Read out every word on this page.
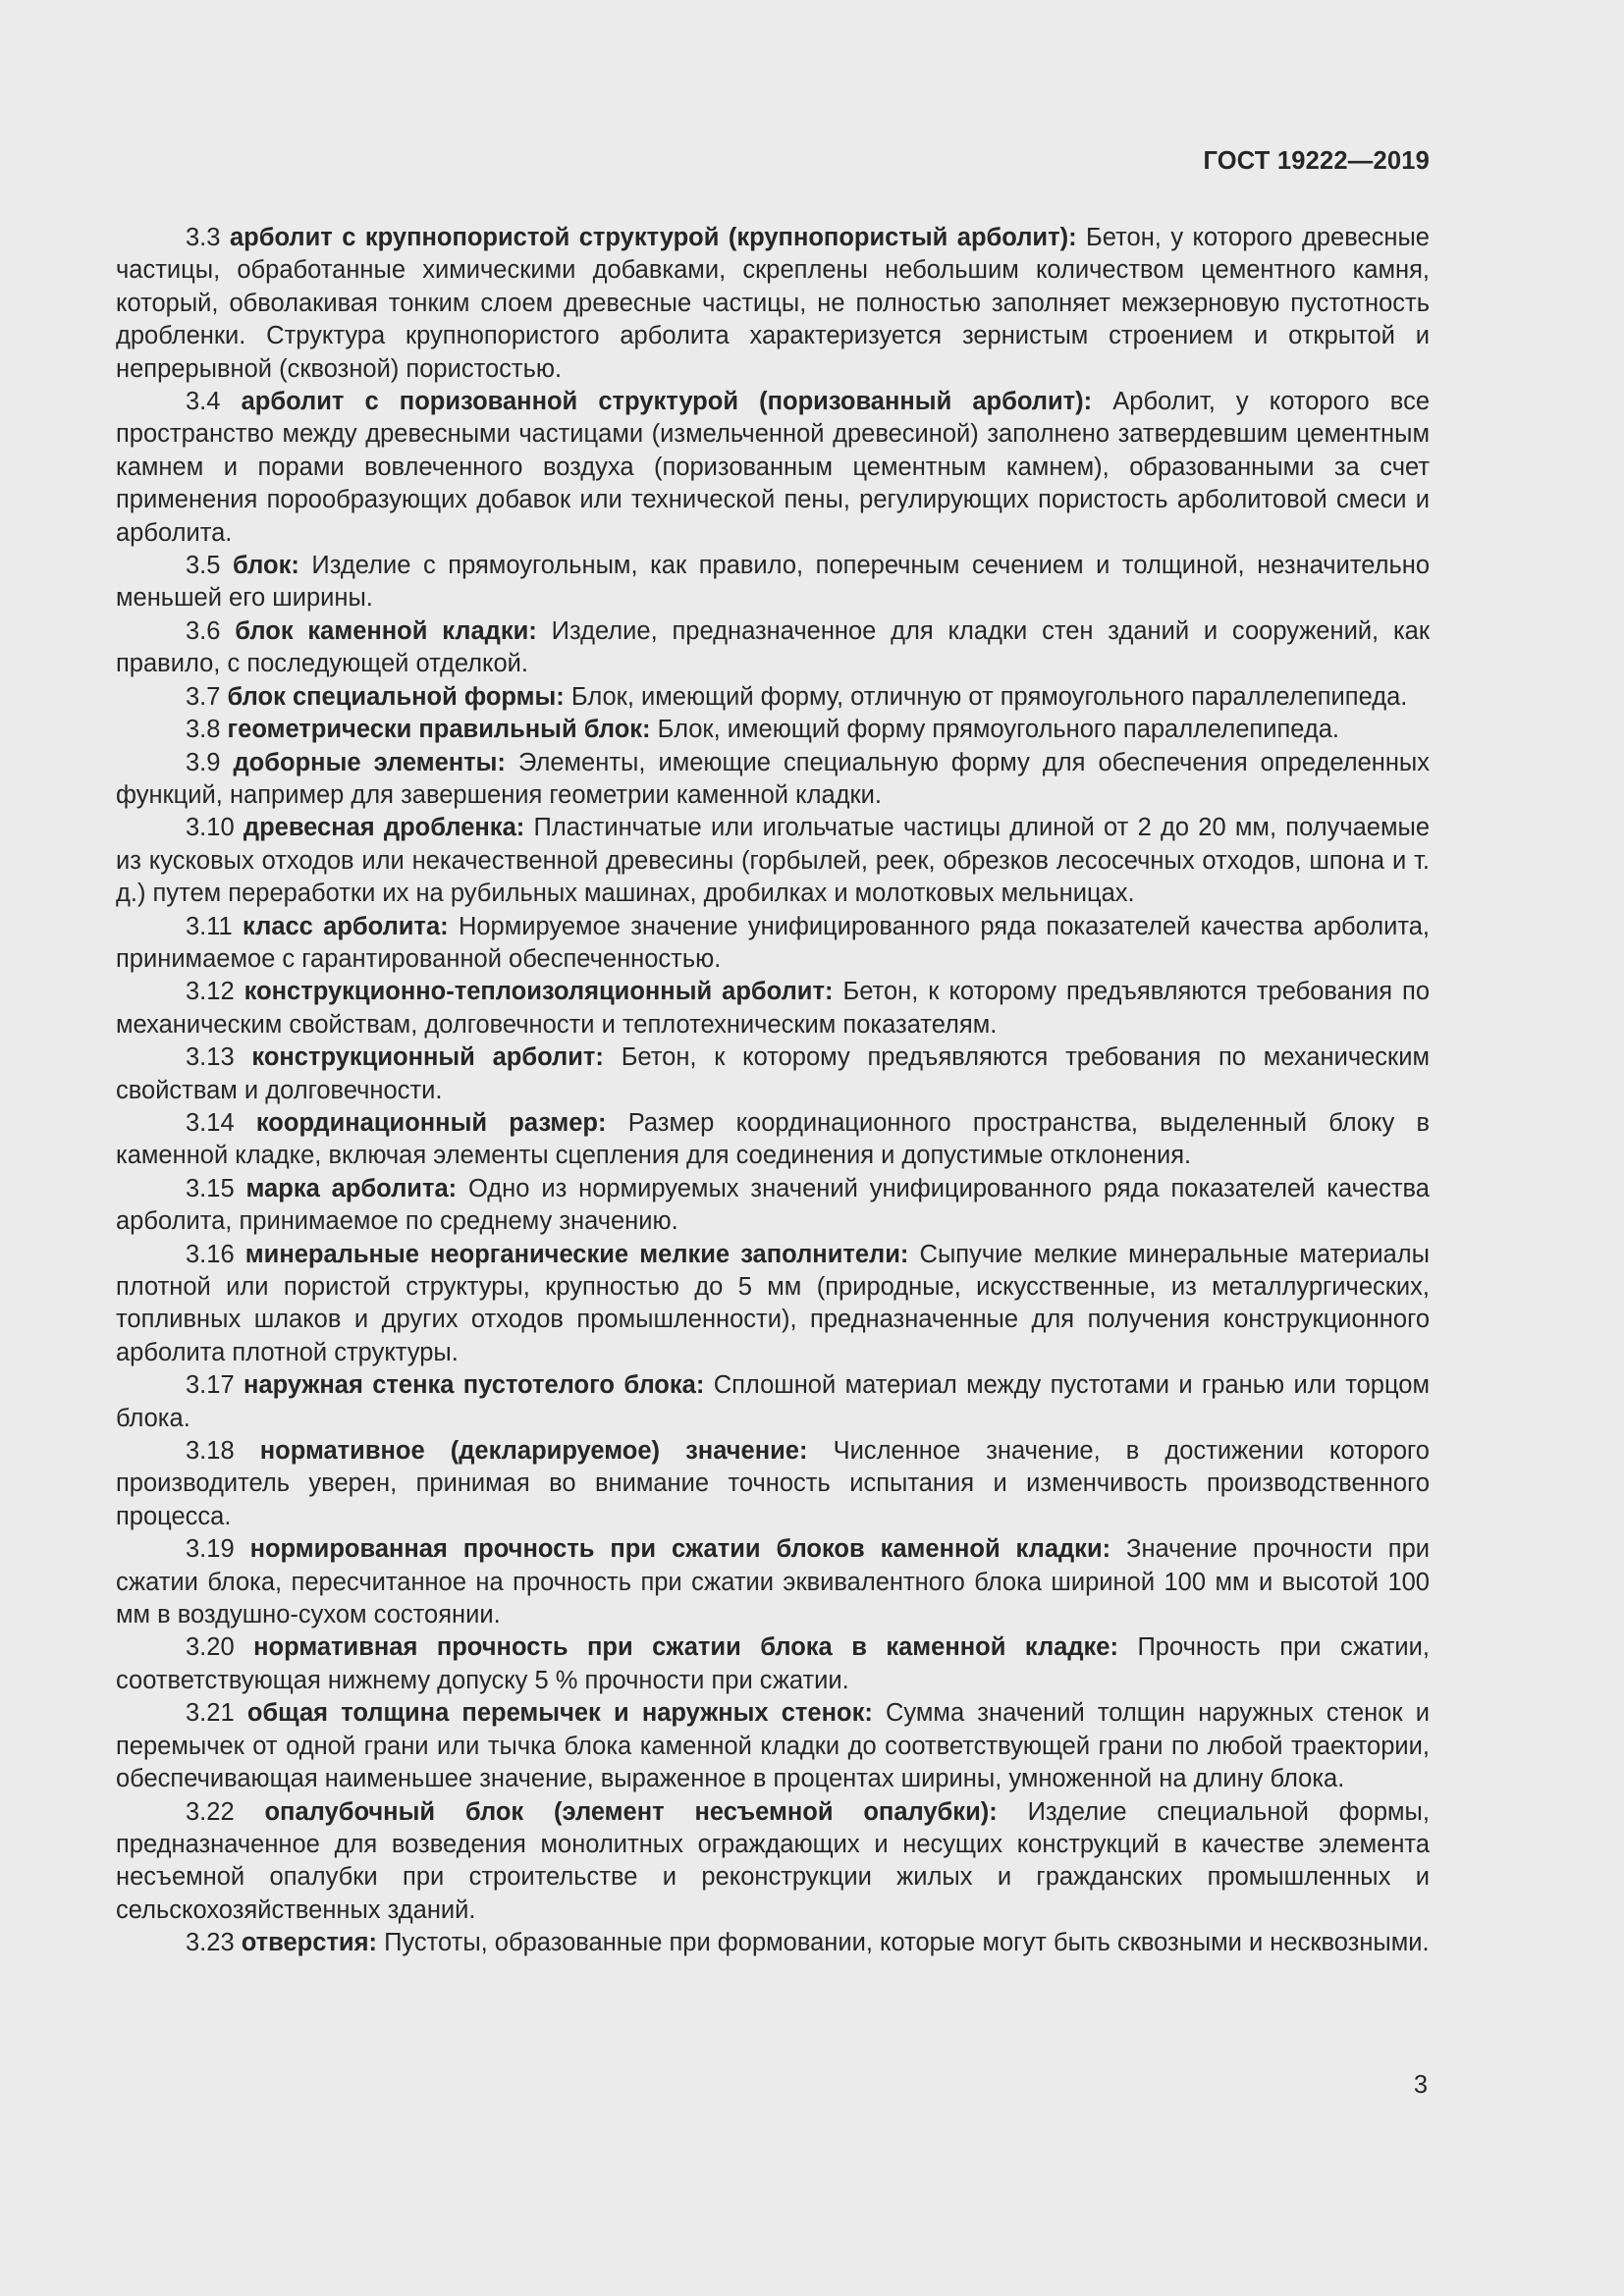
ГОСТ 19222—2019

3.3 арболит с крупнопористой структурой (крупнопористый арболит): Бетон, у которого древесные частицы, обработанные химическими добавками, скреплены небольшим количеством цементного камня, который, обволакивая тонким слоем древесные частицы, не полностью заполняет межзерновую пустотность дробленки. Структура крупнопористого арболита характеризуется зернистым строением и открытой и непрерывной (сквозной) пористостью.

3.4 арболит с поризованной структурой (поризованный арболит): Арболит, у которого все пространство между древесными частицами (измельченной древесиной) заполнено затвердевшим цементным камнем и порами вовлеченного воздуха (поризованным цементным камнем), образованными за счет применения порообразующих добавок или технической пены, регулирующих пористость арболитовой смеси и арболита.

3.5 блок: Изделие с прямоугольным, как правило, поперечным сечением и толщиной, незначительно меньшей его ширины.

3.6 блок каменной кладки: Изделие, предназначенное для кладки стен зданий и сооружений, как правило, с последующей отделкой.

3.7 блок специальной формы: Блок, имеющий форму, отличную от прямоугольного параллелепипеда.

3.8 геометрически правильный блок: Блок, имеющий форму прямоугольного параллелепипеда.

3.9 доборные элементы: Элементы, имеющие специальную форму для обеспечения определенных функций, например для завершения геометрии каменной кладки.

3.10 древесная дробленка: Пластинчатые или игольчатые частицы длиной от 2 до 20 мм, получаемые из кусковых отходов или некачественной древесины (горбылей, реек, обрезков лесосечных отходов, шпона и т. д.) путем переработки их на рубильных машинах, дробилках и молотковых мельницах.

3.11 класс арболита: Нормируемое значение унифицированного ряда показателей качества арболита, принимаемое с гарантированной обеспеченностью.

3.12 конструкционно-теплоизоляционный арболит: Бетон, к которому предъявляются требования по механическим свойствам, долговечности и теплотехническим показателям.

3.13 конструкционный арболит: Бетон, к которому предъявляются требования по механическим свойствам и долговечности.

3.14 координационный размер: Размер координационного пространства, выделенный блоку в каменной кладке, включая элементы сцепления для соединения и допустимые отклонения.

3.15 марка арболита: Одно из нормируемых значений унифицированного ряда показателей качества арболита, принимаемое по среднему значению.

3.16 минеральные неорганические мелкие заполнители: Сыпучие мелкие минеральные материалы плотной или пористой структуры, крупностью до 5 мм (природные, искусственные, из металлургических, топливных шлаков и других отходов промышленности), предназначенные для получения конструкционного арболита плотной структуры.

3.17 наружная стенка пустотелого блока: Сплошной материал между пустотами и гранью или торцом блока.

3.18 нормативное (декларируемое) значение: Численное значение, в достижении которого производитель уверен, принимая во внимание точность испытания и изменчивость производственного процесса.

3.19 нормированная прочность при сжатии блоков каменной кладки: Значение прочности при сжатии блока, пересчитанное на прочность при сжатии эквивалентного блока шириной 100 мм и высотой 100 мм в воздушно-сухом состоянии.

3.20 нормативная прочность при сжатии блока в каменной кладке: Прочность при сжатии, соответствующая нижнему допуску 5 % прочности при сжатии.

3.21 общая толщина перемычек и наружных стенок: Сумма значений толщин наружных стенок и перемычек от одной грани или тычка блока каменной кладки до соответствующей грани по любой траектории, обеспечивающая наименьшее значение, выраженное в процентах ширины, умноженной на длину блока.

3.22 опалубочный блок (элемент несъемной опалубки): Изделие специальной формы, предназначенное для возведения монолитных ограждающих и несущих конструкций в качестве элемента несъемной опалубки при строительстве и реконструкции жилых и гражданских промышленных и сельскохозяйственных зданий.

3.23 отверстия: Пустоты, образованные при формовании, которые могут быть сквозными и несквозными.

3
